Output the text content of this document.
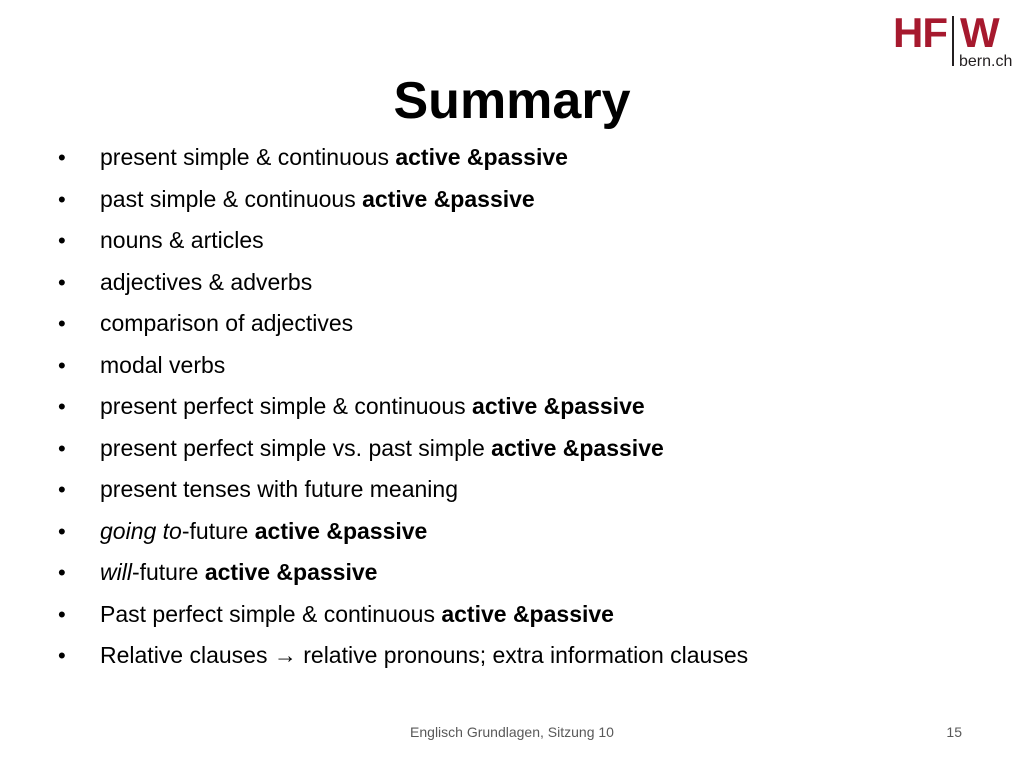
HF W
bern.ch
Summary
• present simple & continuous active &passive
• past simple & continuous active &passive
• nouns & articles
• adjectives & adverbs
• comparison of adjectives
• modal verbs
• present perfect simple & continuous active &passive
• present perfect simple vs. past simple active &passive
• present tenses with future meaning
• going to-future active &passive
• will-future active &passive
• Past perfect simple & continuous active &passive
• Relative clauses → relative pronouns; extra information clauses
Englisch Grundlagen, Sitzung 10	15
